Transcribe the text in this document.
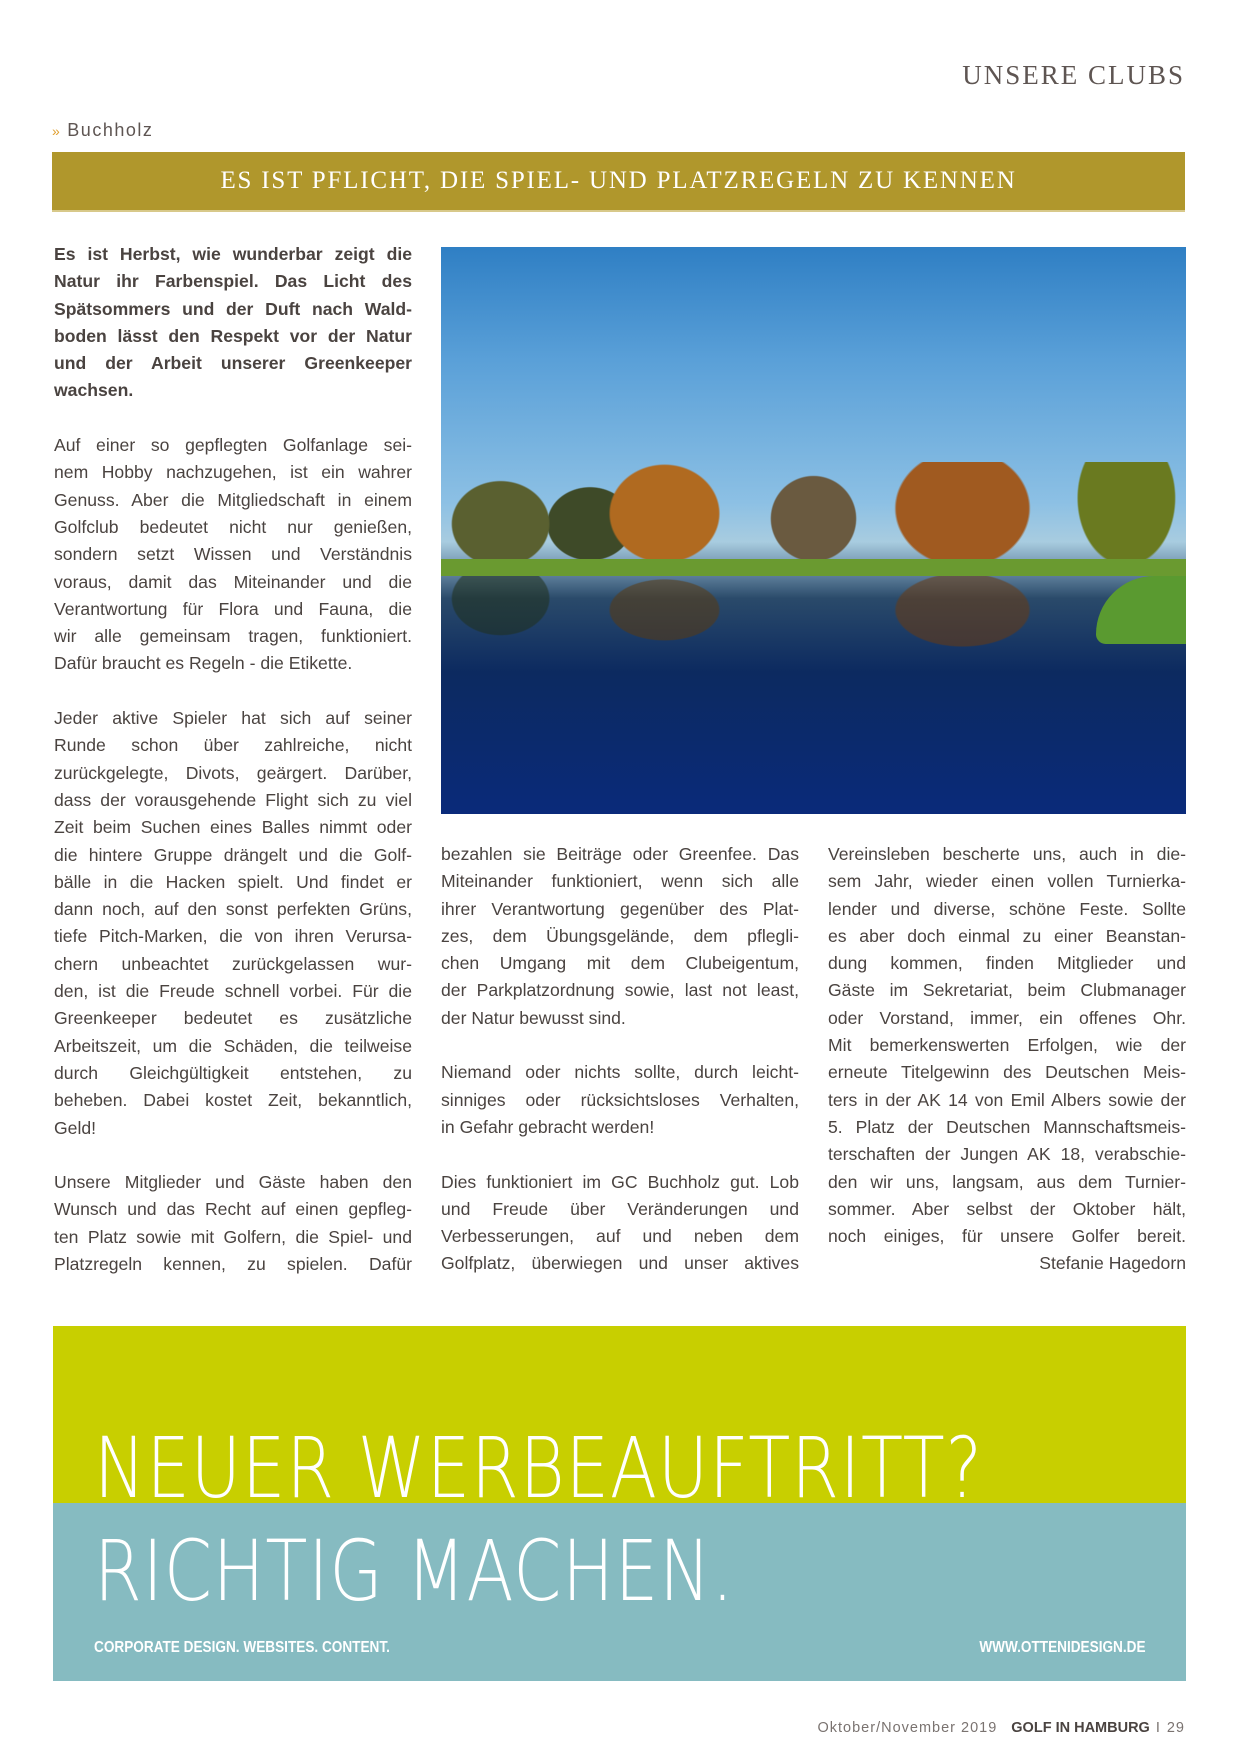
UNSERE CLUBS
» Buchholz
ES IST PFLICHT, DIE SPIEL- UND PLATZREGELN ZU KENNEN
Es ist Herbst, wie wunderbar zeigt die
Natur ihr Farbenspiel. Das Licht des
Spätsommers und der Duft nach Wald-
boden lässt den Respekt vor der Natur
und der Arbeit unserer Greenkeeper
wachsen.
Auf einer so gepflegten Golfanlage sei-
nem Hobby nachzugehen, ist ein wahrer
Genuss. Aber die Mitgliedschaft in einem
Golfclub bedeutet nicht nur genießen,
sondern setzt Wissen und Verständnis
voraus, damit das Miteinander und die
Verantwortung für Flora und Fauna, die
wir alle gemeinsam tragen, funktioniert.
Dafür braucht es Regeln - die Etikette.
Jeder aktive Spieler hat sich auf seiner
Runde schon über zahlreiche, nicht
zurückgelegte, Divots, geärgert. Darüber,
dass der vorausgehende Flight sich zu viel
Zeit beim Suchen eines Balles nimmt oder
die hintere Gruppe drängelt und die Golf-
bälle in die Hacken spielt. Und findet er
dann noch, auf den sonst perfekten Grüns,
tiefe Pitch-Marken, die von ihren Verursa-
chern unbeachtet zurückgelassen wur-
den, ist die Freude schnell vorbei. Für die
Greenkeeper bedeutet es zusätzliche
Arbeitszeit, um die Schäden, die teilweise
durch Gleichgültigkeit entstehen, zu
beheben. Dabei kostet Zeit, bekanntlich,
Geld!
Unsere Mitglieder und Gäste haben den
Wunsch und das Recht auf einen gepfleg-
ten Platz sowie mit Golfern, die Spiel- und
Platzregeln kennen, zu spielen. Dafür
bezahlen sie Beiträge oder Greenfee. Das
Miteinander funktioniert, wenn sich alle
ihrer Verantwortung gegenüber des Plat-
zes, dem Übungsgelände, dem pflegli-
chen Umgang mit dem Clubeigentum,
der Parkplatzordnung sowie, last not least,
der Natur bewusst sind.
Niemand oder nichts sollte, durch leicht-
sinniges oder rücksichtsloses Verhalten,
in Gefahr gebracht werden!
Dies funktioniert im GC Buchholz gut. Lob
und Freude über Veränderungen und
Verbesserungen, auf und neben dem
Golfplatz, überwiegen und unser aktives
Vereinsleben bescherte uns, auch in die-
sem Jahr, wieder einen vollen Turnierka-
lender und diverse, schöne Feste. Sollte
es aber doch einmal zu einer Beanstan-
dung kommen, finden Mitglieder und
Gäste im Sekretariat, beim Clubmanager
oder Vorstand, immer, ein offenes Ohr.
Mit bemerkenswerten Erfolgen, wie der
erneute Titelgewinn des Deutschen Meis-
ters in der AK 14 von Emil Albers sowie der
5. Platz der Deutschen Mannschaftsmeis-
terschaften der Jungen AK 18, verabschie-
den wir uns, langsam, aus dem Turnier-
sommer. Aber selbst der Oktober hält,
noch einiges, für unsere Golfer bereit.
Stefanie Hagedorn
NEUER WERBEAUFTRITT?
RICHTIG MACHEN.
CORPORATE DESIGN. WEBSITES. CONTENT.	WWW.OTTENIDESIGN.DE
Oktober/November 2019 GOLF IN HAMBURG I 29
